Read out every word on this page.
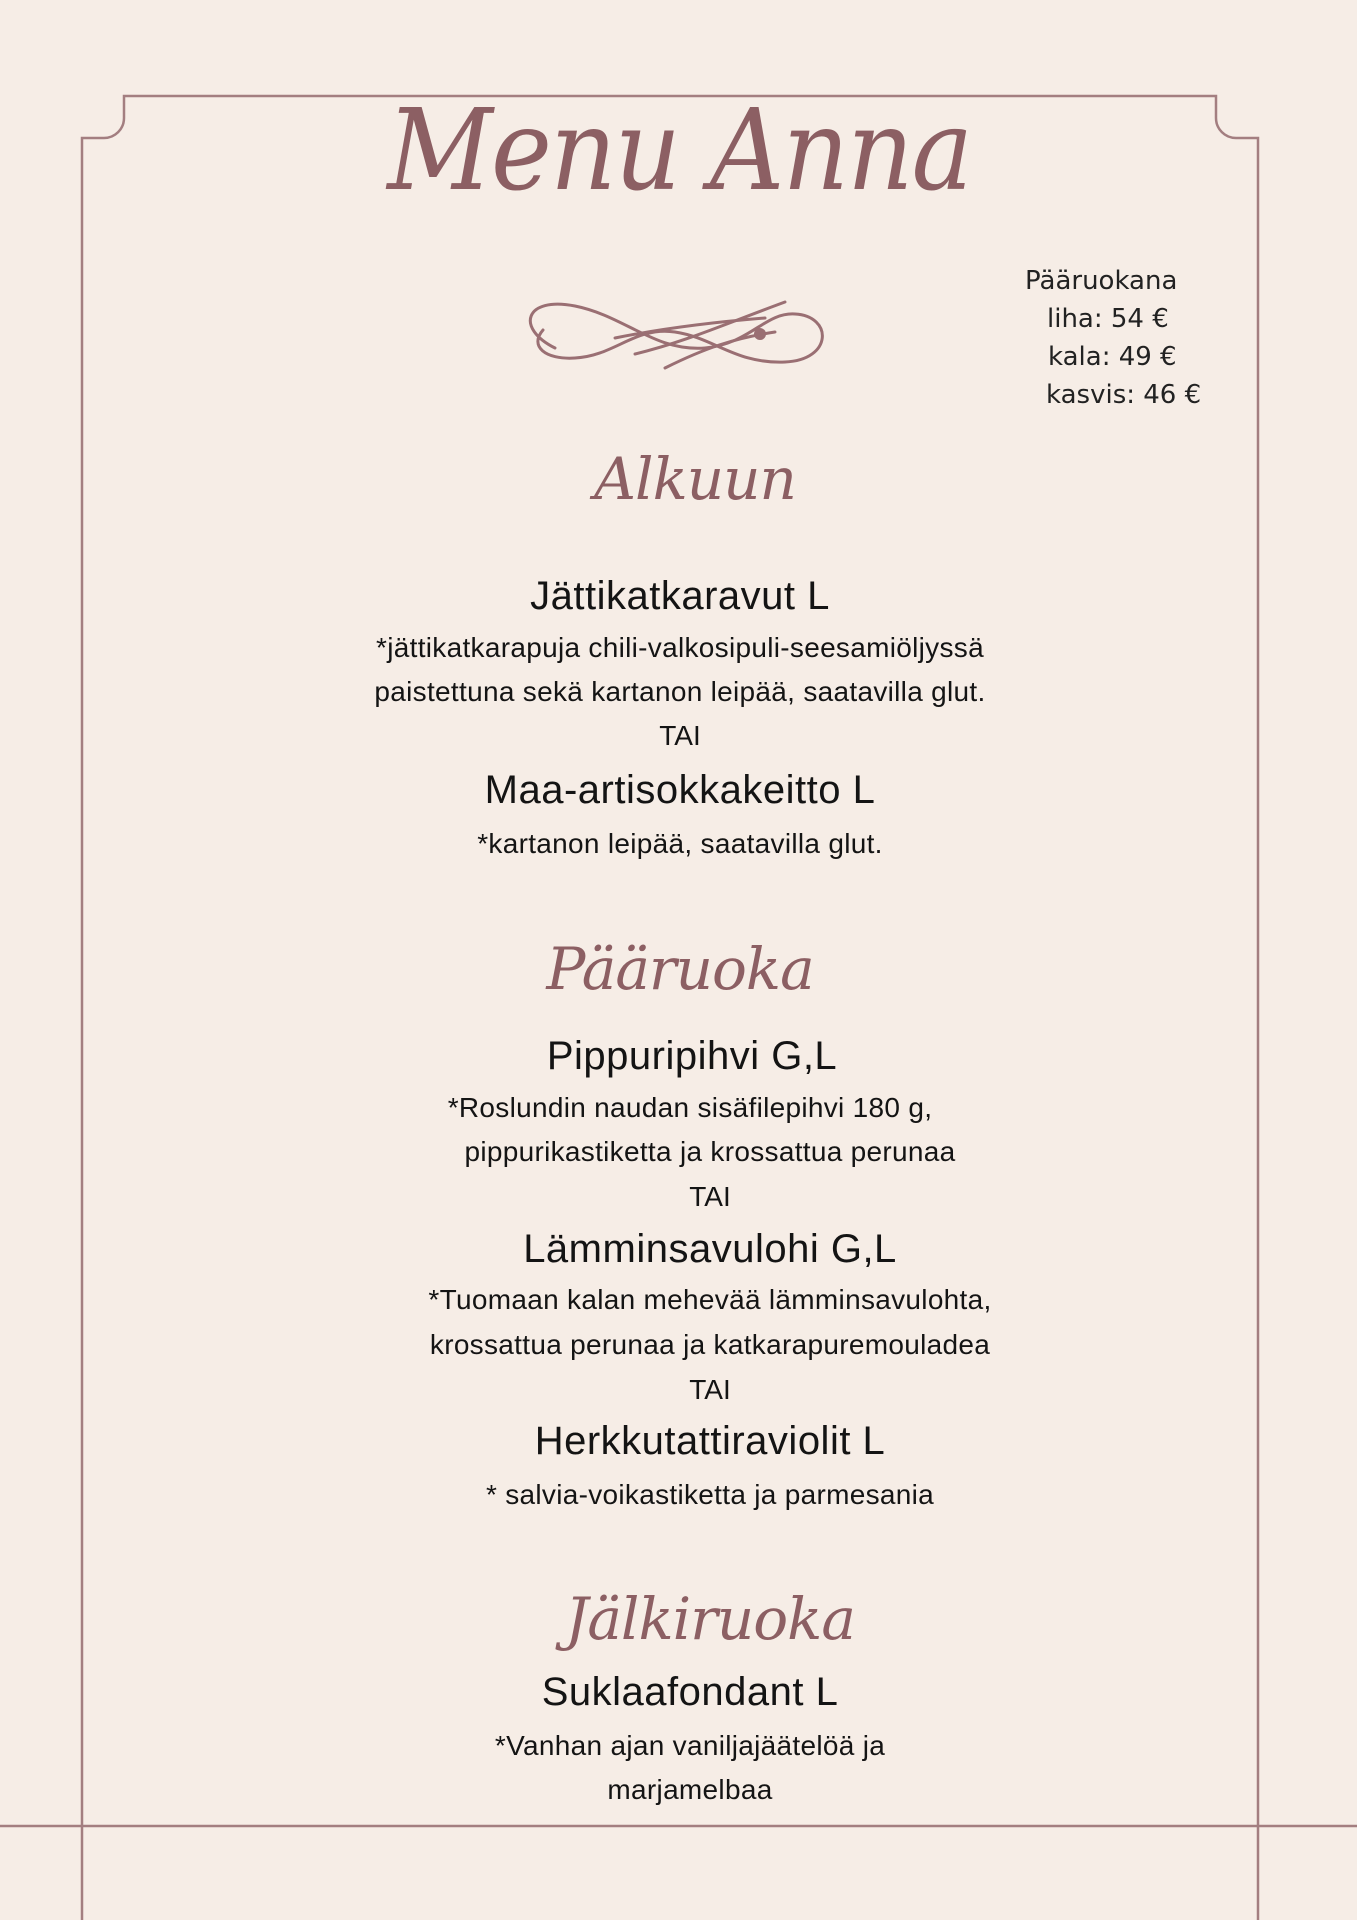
Menu Anna
Pääruokana
liha: 54 €
kala: 49 €
kasvis: 46 €
Alkuun
Jättikatkaravut L
*jättikatkarapuja chili-valkosipuli-seesamiöljyssä
paistettuna sekä kartanon leipää, saatavilla glut.
TAI
Maa-artisokkakeitto L
*kartanon leipää, saatavilla glut.
Pääruoka
Pippuripihvi G,L
*Roslundin naudan sisäfilepihvi 180 g,
pippurikastiketta ja krossattua perunaa
TAI
Lämminsavulohi G,L
*Tuomaan kalan mehevää lämminsavulohta,
krossattua perunaa ja katkarapuremouladea
TAI
Herkkutattiraviolit L
* salvia-voikastiketta ja parmesania
Jälkiruoka
Suklaafondant L
*Vanhan ajan vaniljajäätelöä ja
marjamelbaa
